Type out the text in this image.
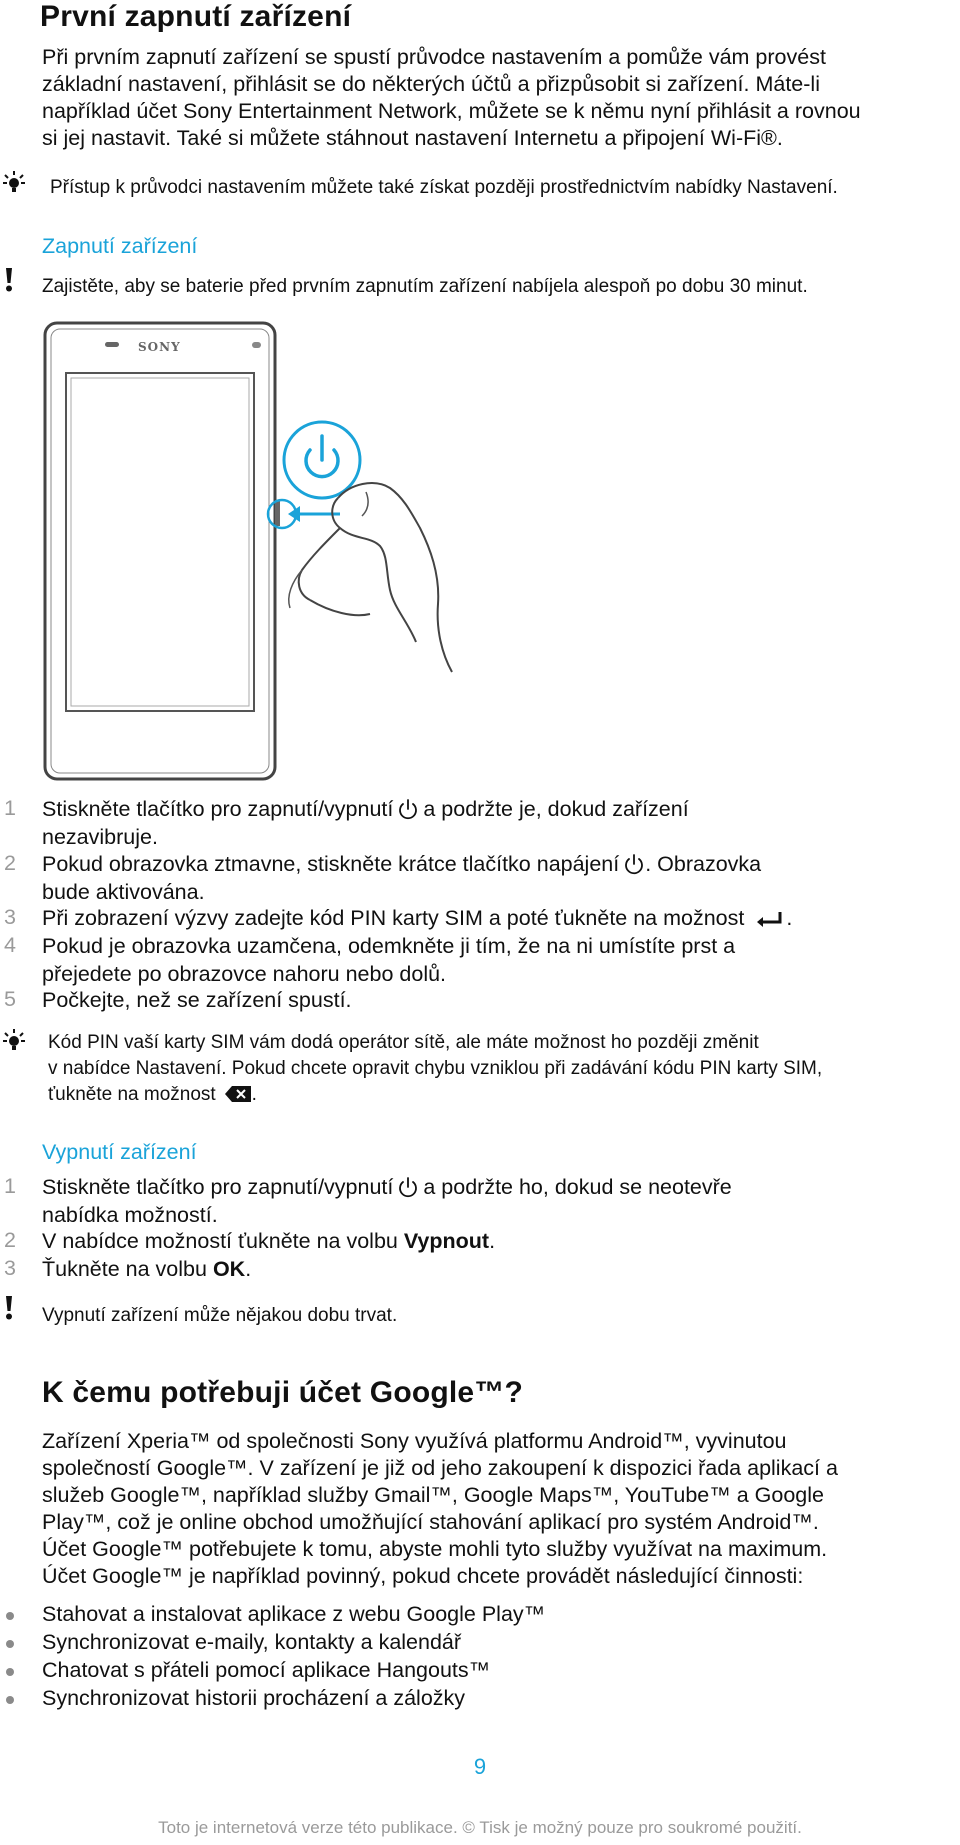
První zapnutí zařízení
Při prvním zapnutí zařízení se spustí průvodce nastavením a pomůže vám provést
základní nastavení, přihlásit se do některých účtů a přizpůsobit si zařízení. Máte-li
například účet Sony Entertainment Network, můžete se k němu nyní přihlásit a rovnou
si jej nastavit. Také si můžete stáhnout nastavení Internetu a připojení Wi-Fi®.
Přístup k průvodci nastavením můžete také získat později prostřednictvím nabídky Nastavení.
Zapnutí zařízení
Zajistěte, aby se baterie před prvním zapnutím zařízení nabíjela alespoň po dobu 30 minut.
1 Stiskněte tlačítko pro zapnutí/vypnutí a podržte je, dokud zařízení
nezavibruje.
2 Pokud obrazovka ztmavne, stiskněte krátce tlačítko napájení . Obrazovka
bude aktivována.
3 Při zobrazení výzvy zadejte kód PIN karty SIM a poté ťukněte na možnost .
4 Pokud je obrazovka uzamčena, odemkněte ji tím, že na ni umístíte prst a
přejedete po obrazovce nahoru nebo dolů.
5 Počkejte, než se zařízení spustí.
Kód PIN vaší karty SIM vám dodá operátor sítě, ale máte možnost ho později změnit
v nabídce Nastavení. Pokud chcete opravit chybu vzniklou při zadávání kódu PIN karty SIM,
ťukněte na možnost .
Vypnutí zařízení
1 Stiskněte tlačítko pro zapnutí/vypnutí a podržte ho, dokud se neotevře
nabídka možností.
2 V nabídce možností ťukněte na volbu Vypnout.
3 Ťukněte na volbu OK.
Vypnutí zařízení může nějakou dobu trvat.
K čemu potřebuji účet Google™?
Zařízení Xperia™ od společnosti Sony využívá platformu Android™, vyvinutou
společností Google™. V zařízení je již od jeho zakoupení k dispozici řada aplikací a
služeb Google™, například služby Gmail™, Google Maps™, YouTube™ a Google
Play™, což je online obchod umožňující stahování aplikací pro systém Android™.
Účet Google™ potřebujete k tomu, abyste mohli tyto služby využívat na maximum.
Účet Google™ je například povinný, pokud chcete provádět následující činnosti:
Stahovat a instalovat aplikace z webu Google Play™
Synchronizovat e-maily, kontakty a kalendář
Chatovat s přáteli pomocí aplikace Hangouts™
Synchronizovat historii procházení a záložky
9
Toto je internetová verze této publikace. © Tisk je možný pouze pro soukromé použití.
SONY
